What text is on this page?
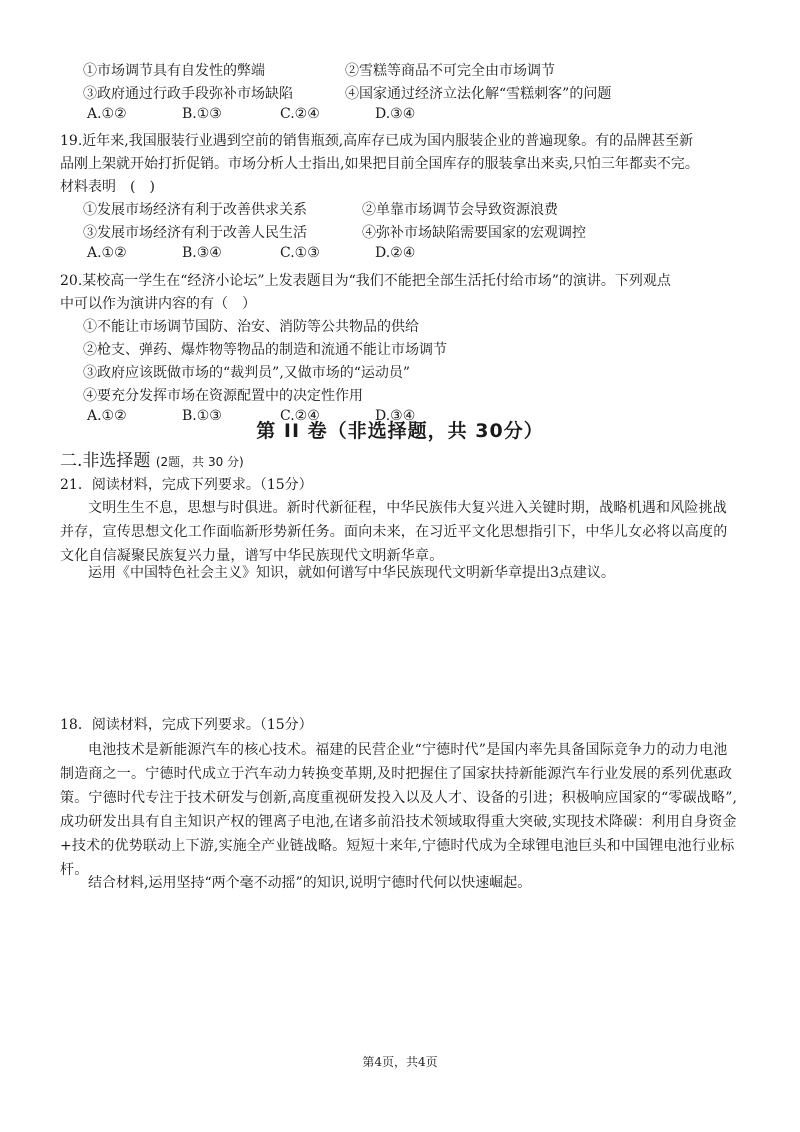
①市场调节具有自发性的弊端	②雪糕等商品不可完全由市场调节
③政府通过行政手段弥补市场缺陷	④国家通过经济立法化解“雪糕刺客”的问题
A.①②	B.①③	C.②④	D.③④
19.近年来,我国服装行业遇到空前的销售瓶颈,高库存已成为国内服装企业的普遍现象。有的品牌甚至新
品刚上架就开始打折促销。市场分析人士指出,如果把目前全国库存的服装拿出来卖,只怕三年都卖不完。
材料表明　(　)
①发展市场经济有利于改善供求关系	②单靠市场调节会导致资源浪费
③发展市场经济有利于改善人民生活	④弥补市场缺陷需要国家的宏观调控
A.①②	B.③④	C.①③	D.②④
20.某校高一学生在“经济小论坛”上发表题目为“我们不能把全部生活托付给市场”的演讲。下列观点
中可以作为演讲内容的有（　）
①不能让市场调节国防、治安、消防等公共物品的供给
②枪支、弹药、爆炸物等物品的制造和流通不能让市场调节
③政府应该既做市场的“裁判员”,又做市场的“运动员”
④要充分发挥市场在资源配置中的决定性作用
A.①②	B.①③	C.②④	D.③④
第 II 卷（非选择题，共 30分）
二.非选择题 (2题，共 30 分)
21．阅读材料，完成下列要求。（15分）
文明生生不息，思想与时俱进。新时代新征程，中华民族伟大复兴进入关键时期，战略机遇和风险挑战并存，宣传思想文化工作面临新形势新任务。面向未来，在习近平文化思想指引下，中华儿女必将以高度的文化自信凝聚民族复兴力量，谱写中华民族现代文明新华章。
运用《中国特色社会主义》知识，就如何谱写中华民族现代文明新华章提出3点建议。
18．阅读材料，完成下列要求。（15分）
电池技术是新能源汽车的核心技术。福建的民营企业“宁德时代”是国内率先具备国际竞争力的动力电池制造商之一。宁德时代成立于汽车动力转换变革期,及时把握住了国家扶持新能源汽车行业发展的系列优惠政策。宁德时代专注于技术研发与创新,高度重视研发投入以及人才、设备的引进；积极响应国家的“零碳战略”,成功研发出具有自主知识产权的锂离子电池,在诸多前沿技术领域取得重大突破,实现技术降碳：利用自身资金+技术的优势联动上下游,实施全产业链战略。短短十来年,宁德时代成为全球锂电池巨头和中国锂电池行业标杆。
结合材料,运用坚持“两个毫不动摇”的知识,说明宁德时代何以快速崛起。
第4页，共4页
